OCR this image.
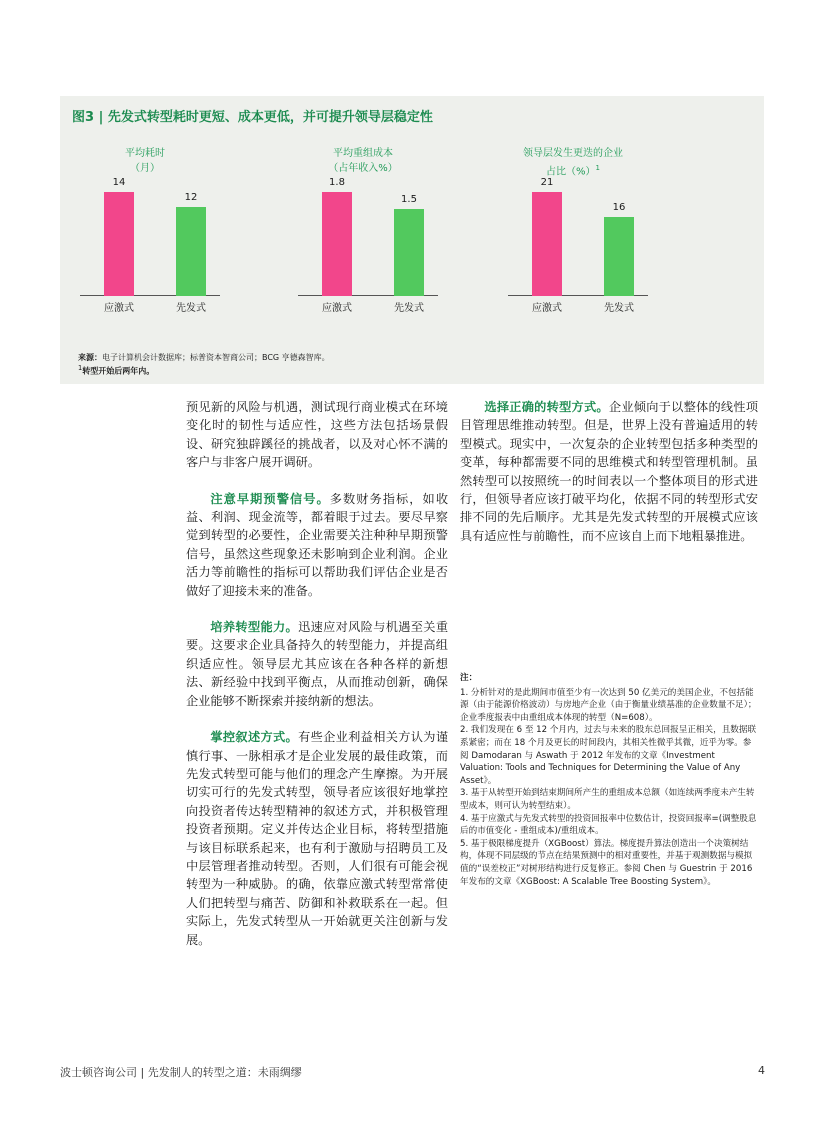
图3 | 先发式转型耗时更短、成本更低，并可提升领导层稳定性
平均耗时
（月）
14
应激式
12
先发式
平均重组成本
（占年收入%）
1.8
应激式
1.5
先发式
领导层发生更迭的企业
占比（%）$^1$
21
应激式
16
先发式
来源：电子计算机会计数据库；标普资本智商公司；BCG 亨德森智库。
$^1$转型开始后两年内。

预见新的风险与机遇，测试现行商业模式在环境变化时的韧性与适应性，这些方法包括场景假设、研究独辟蹊径的挑战者，以及对心怀不满的客户与非客户展开调研。

注意早期预警信号。多数财务指标，如收益、利润、现金流等，都着眼于过去。要尽早察觉到转型的必要性，企业需要关注种种早期预警信号，虽然这些现象还未影响到企业利润。企业活力等前瞻性的指标可以帮助我们评估企业是否做好了迎接未来的准备。

培养转型能力。迅速应对风险与机遇至关重要。这要求企业具备持久的转型能力，并提高组织适应性。领导层尤其应该在各种各样的新想法、新经验中找到平衡点，从而推动创新，确保企业能够不断探索并接纳新的想法。

掌控叙述方式。有些企业利益相关方认为谨慎行事、一脉相承才是企业发展的最佳政策，而先发式转型可能与他们的理念产生摩擦。为开展切实可行的先发式转型，领导者应该很好地掌控向投资者传达转型精神的叙述方式，并积极管理投资者预期。定义并传达企业目标，将转型措施与该目标联系起来，也有利于激励与招聘员工及中层管理者推动转型。否则，人们很有可能会视转型为一种威胁。的确，依靠应激式转型常常使人们把转型与痛苦、防御和补救联系在一起。但实际上，先发式转型从一开始就更关注创新与发展。

选择正确的转型方式。企业倾向于以整体的线性项目管理思维推动转型。但是，世界上没有普遍适用的转型模式。现实中，一次复杂的企业转型包括多种类型的变革，每种都需要不同的思维模式和转型管理机制。虽然转型可以按照统一的时间表以一个整体项目的形式进行，但领导者应该打破平均化，依据不同的转型形式安排不同的先后顺序。尤其是先发式转型的开展模式应该具有适应性与前瞻性，而不应该自上而下地粗暴推进。

注：

1. 分析针对的是此期间市值至少有一次达到 50 亿美元的美国企业，不包括能源（由于能源价格波动）与房地产企业（由于衡量业绩基准的企业数量不足）；企业季度报表中由重组成本体现的转型（N=608）。

2. 我们发现在 6 至 12 个月内，过去与未来的股东总回报呈正相关，且数据联系紧密；而在 18 个月及更长的时间段内，其相关性微乎其微，近乎为零。参阅 Damodaran 与 Aswath 于 2012 年发布的文章《Investment Valuation: Tools and Techniques for Determining the Value of Any Asset》。

3. 基于从转型开始到结束期间所产生的重组成本总额（如连续两季度未产生转型成本，则可认为转型结束）。

4. 基于应激式与先发式转型的投资回报率中位数估计，投资回报率=(调整股息后的市值变化 - 重组成本)/重组成本。

5. 基于极限梯度提升（XGBoost）算法。梯度提升算法创造出一个决策树结构，体现不同层级的节点在结果预测中的相对重要性，并基于观测数据与模拟值的“误差校正”对树形结构进行反复修正。参阅 Chen 与 Guestrin 于 2016 年发布的文章《XGBoost: A Scalable Tree Boosting System》。

波士顿咨询公司 | 先发制人的转型之道：未雨绸缪	4
